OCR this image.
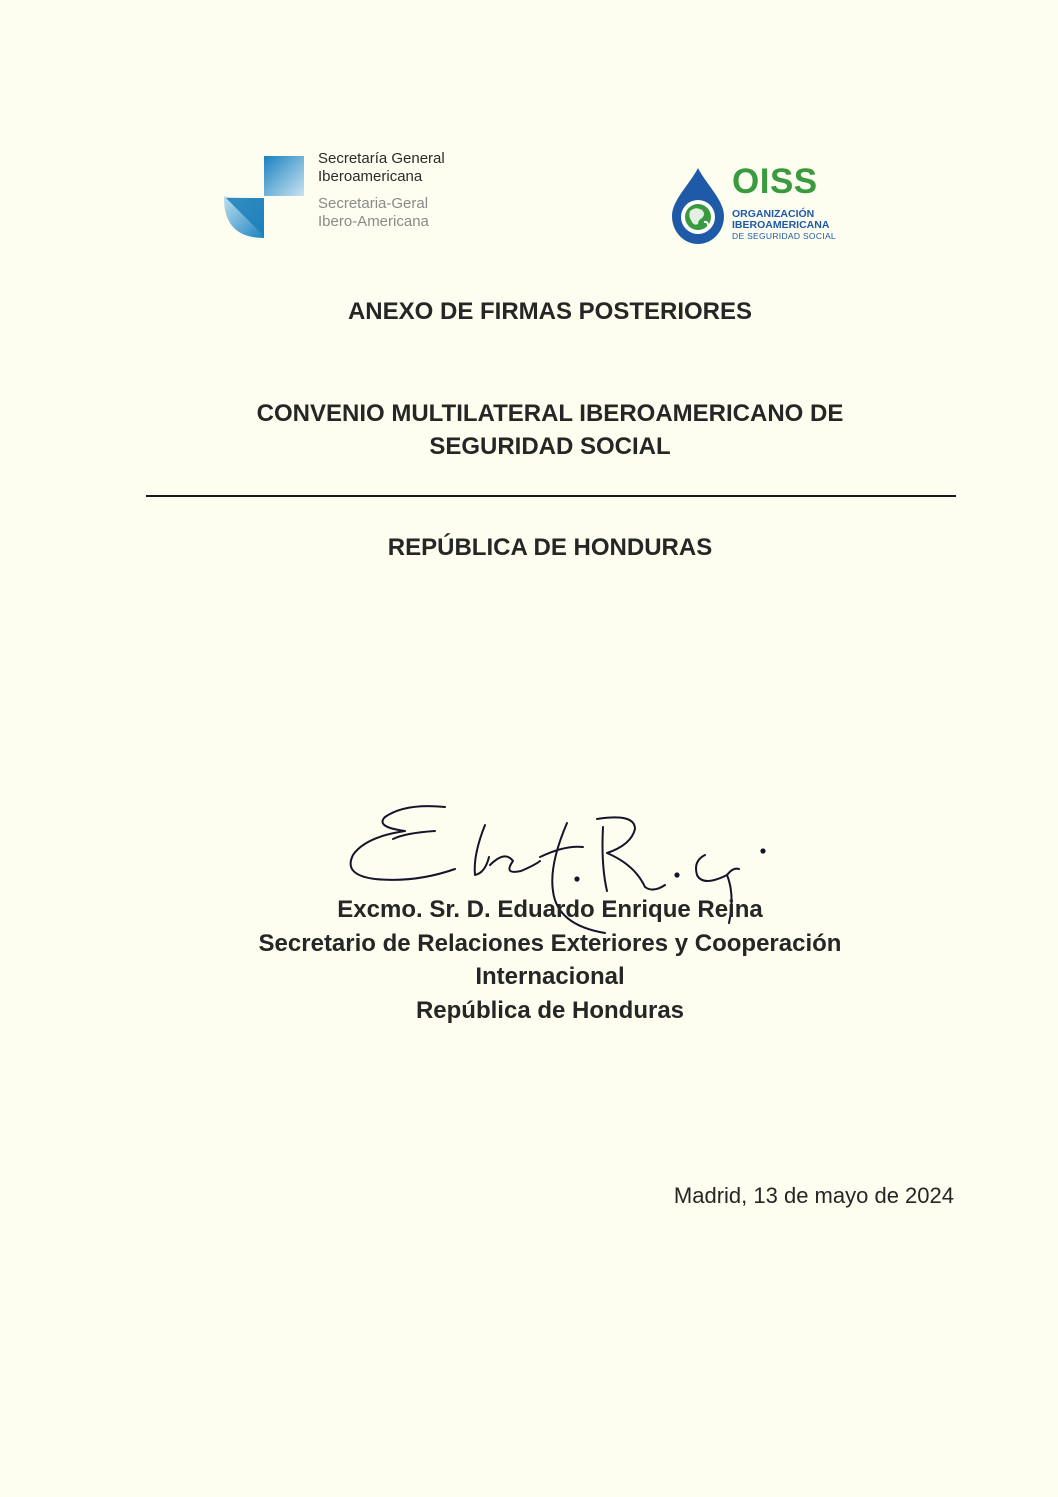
Secretaría General
Iberoamericana
Secretaria-Geral
Ibero-Americana
OISS
ORGANIZACIÓN
IBEROAMERICANA
DE SEGURIDAD SOCIAL
ANEXO DE FIRMAS POSTERIORES
CONVENIO MULTILATERAL IBEROAMERICANO DE
SEGURIDAD SOCIAL
REPÚBLICA DE HONDURAS
Excmo. Sr. D. Eduardo Enrique Reina
Secretario de Relaciones Exteriores y Cooperación
Internacional
República de Honduras
Madrid, 13 de mayo de 2024
